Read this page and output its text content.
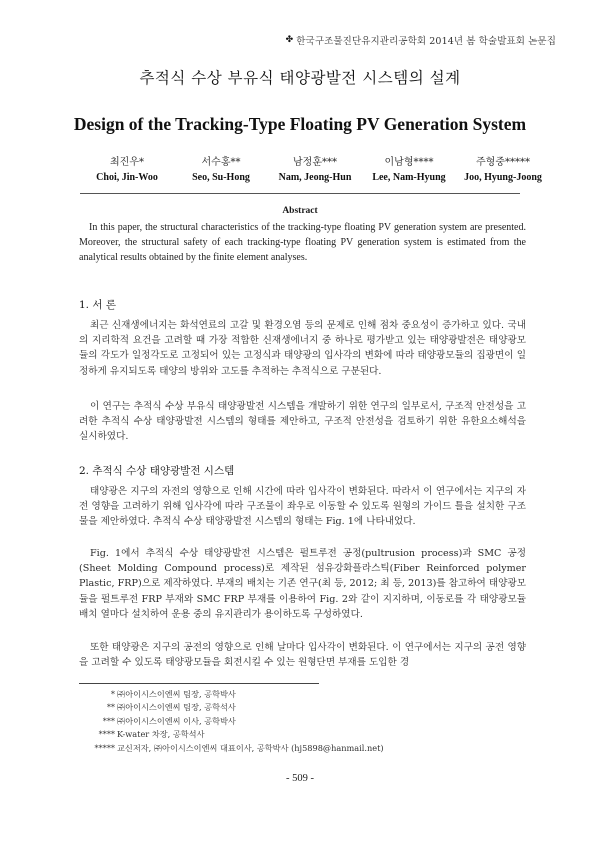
✤ 한국구조물진단유지관리공학회 2014년 봄 학술발표회 논문집
추적식 수상 부유식 태양광발전 시스템의 설계
Design of the Tracking-Type Floating PV Generation System
최진우*
Choi, Jin-Woo
서수홍**
Seo, Su-Hong
남정훈***
Nam, Jeong-Hun
이남형****
Lee, Nam-Hyung
주형중*****
Joo, Hyung-Joong
Abstract

In this paper, the structural characteristics of the tracking-type floating PV generation system are presented. Moreover, the structural safety of each tracking-type floating PV generation system is estimated from the analytical results obtained by the finite element analyses.

1. 서 론

최근 신재생에너지는 화석연료의 고갈 및 환경오염 등의 문제로 인해 점차 중요성이 증가하고 있다. 국내의 지리학적 요건을 고려할 때 가장 적합한 신재생에너지 중 하나로 평가받고 있는 태양광발전은 태양광모듈의 각도가 일정각도로 고정되어 있는 고정식과 태양광의 입사각의 변화에 따라 태양광모듈의 집광면이 일정하게 유지되도록 태양의 방위와 고도를 추적하는 추적식으로 구분된다.

이 연구는 추적식 수상 부유식 태양광발전 시스템을 개발하기 위한 연구의 일부로서, 구조적 안전성을 고려한 추적식 수상 태양광발전 시스템의 형태를 제안하고, 구조적 안전성을 검토하기 위한 유한요소해석을 실시하였다.

2. 추적식 수상 태양광발전 시스템

태양광은 지구의 자전의 영향으로 인해 시간에 따라 입사각이 변화된다. 따라서 이 연구에서는 지구의 자전 영향을 고려하기 위해 입사각에 따라 구조물이 좌우로 이동할 수 있도록 원형의 가이드 틀을 설치한 구조물을 제안하였다. 추적식 수상 태양광발전 시스템의 형태는 Fig. 1에 나타내었다.

Fig. 1에서 추적식 수상 태양광발전 시스템은 펄트루전 공정(pultrusion process)과 SMC 공정(Sheet Molding Compound process)로 제작된 섬유강화플라스틱(Fiber Reinforced polymer Plastic, FRP)으로 제작하였다. 부재의 배치는 기존 연구(최 등, 2012; 최 등, 2013)를 참고하여 태양광모듈을 펄트루전 FRP 부재와 SMC FRP 부재를 이용하여 Fig. 2와 같이 지지하며, 이동로를 각 태양광모듈 배치 열마다 설치하여 운용 중의 유지관리가 용이하도록 구성하였다.

또한 태양광은 지구의 공전의 영향으로 인해 날마다 입사각이 변화된다. 이 연구에서는 지구의 공전 영향을 고려할 수 있도록 태양광모듈을 회전시킬 수 있는 원형단면 부재를 도입한 경

* ㈜아이시스이엔씨 팀장, 공학박사
** ㈜아이시스이엔씨 팀장, 공학석사
*** ㈜아이시스이엔씨 이사, 공학박사
**** K-water 차장, 공학석사
***** 교신저자, ㈜아이시스이엔씨 대표이사, 공학박사 (hj5898@hanmail.net)
- 509 -
